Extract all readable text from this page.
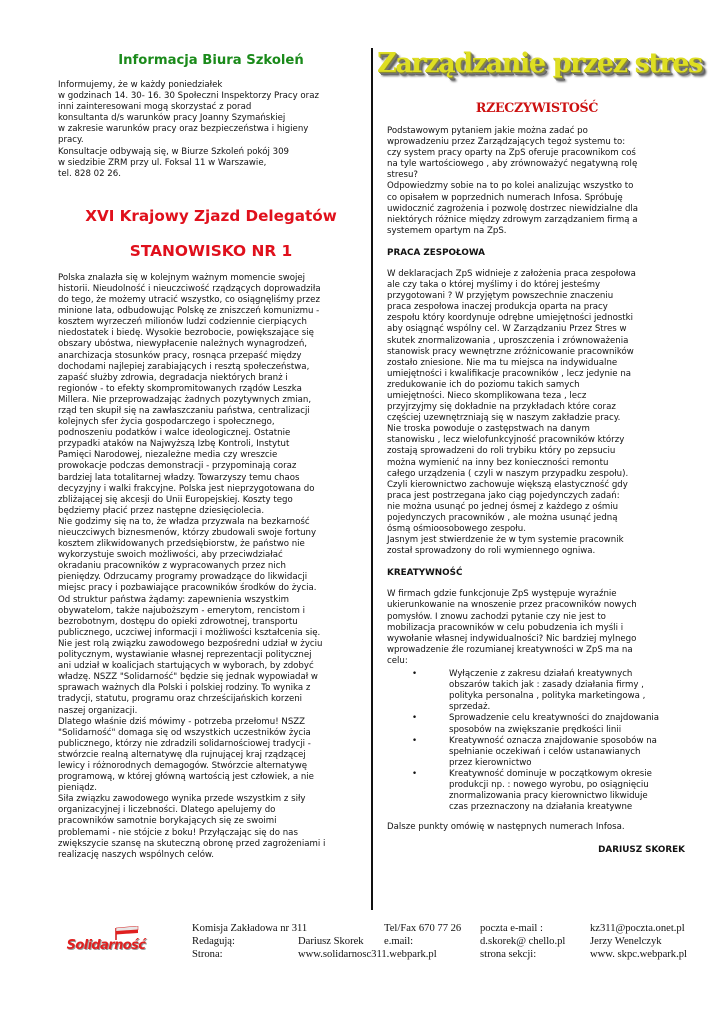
Informacja Biura Szkoleń
Informujemy, że w każdy poniedziałek
w godzinach 14. 30- 16. 30 Społeczni Inspektorzy Pracy oraz
inni zainteresowani mogą skorzystać z porad
konsultanta d/s warunków pracy Joanny Szymańskiej
w zakresie warunków pracy oraz bezpieczeństwa i higieny
pracy.
Konsultacje odbywają się, w Biurze Szkoleń pokój 309
w siedzibie ZRM przy ul. Foksal 11 w Warszawie,
tel. 828 02 26.
XVI Krajowy Zjazd Delegatów
STANOWISKO NR 1
Polska znalazła się w kolejnym ważnym momencie swojej
historii. Nieudolność i nieuczciwość rządzących doprowadziła
do tego, że możemy utracić wszystko, co osiągnęliśmy przez
minione lata, odbudowując Polskę ze zniszczeń komunizmu -
kosztem wyrzeczeń milionów ludzi codziennie cierpiących
niedostatek i biedę. Wysokie bezrobocie, powiększające się
obszary ubóstwa, niewypłacenie należnych wynagrodzeń,
anarchizacja stosunków pracy, rosnąca przepaść między
dochodami najlepiej zarabiających i resztą społeczeństwa,
zapaść służby zdrowia, degradacja niektórych branż i
regionów - to efekty skompromitowanych rządów Leszka
Millera. Nie przeprowadzając żadnych pozytywnych zmian,
rząd ten skupił się na zawłaszczaniu państwa, centralizacji
kolejnych sfer życia gospodarczego i społecznego,
podnoszeniu podatków i walce ideologicznej. Ostatnie
przypadki ataków na Najwyższą Izbę Kontroli, Instytut
Pamięci Narodowej, niezależne media czy wreszcie
prowokacje podczas demonstracji - przypominają coraz
bardziej lata totalitarnej władzy. Towarzyszy temu chaos
decyzyjny i walki frakcyjne. Polska jest nieprzygotowana do
zbliżającej się akcesji do Unii Europejskiej. Koszty tego
będziemy płacić przez następne dziesięciolecia.
Nie godzimy się na to, że władza przyzwala na bezkarność
nieuczciwych biznesmenów, którzy zbudowali swoje fortuny
kosztem zlikwidowanych przedsiębiorstw, że państwo nie
wykorzystuje swoich możliwości, aby przeciwdziałać
okradaniu pracowników z wypracowanych przez nich
pieniędzy. Odrzucamy programy prowadzące do likwidacji
miejsc pracy i pozbawiające pracowników środków do życia.
Od struktur państwa żądamy: zapewnienia wszystkim
obywatelom, także najuboższym - emerytom, rencistom i
bezrobotnym, dostępu do opieki zdrowotnej, transportu
publicznego, uczciwej informacji i możliwości kształcenia się.
Nie jest rolą związku zawodowego bezpośredni udział w życiu
politycznym, wystawianie własnej reprezentacji politycznej
ani udział w koalicjach startujących w wyborach, by zdobyć
władzę. NSZZ "Solidarność" będzie się jednak wypowiadał w
sprawach ważnych dla Polski i polskiej rodziny. To wynika z
tradycji, statutu, programu oraz chrześcijańskich korzeni
naszej organizacji.
Dlatego właśnie dziś mówimy - potrzeba przełomu! NSZZ
"Solidarność" domaga się od wszystkich uczestników życia
publicznego, którzy nie zdradzili solidarnościowej tradycji -
stwórzcie realną alternatywę dla rujnującej kraj rządzącej
lewicy i różnorodnych demagogów. Stwórzcie alternatywę
programową, w której główną wartością jest człowiek, a nie
pieniądz.
Siła związku zawodowego wynika przede wszystkim z siły
organizacyjnej i liczebności. Dlatego apelujemy do
pracowników samotnie borykających się ze swoimi
problemami - nie stójcie z boku! Przyłączając się do nas
zwiększycie szansę na skuteczną obronę przed zagrożeniami i
realizację naszych wspólnych celów.
Zarządzanie przez stres
RZECZYWISTOŚĆ
Podstawowym pytaniem jakie można zadać po
wprowadzeniu przez Zarządzających tegoż systemu to:
czy system pracy oparty na ZpS oferuje pracownikom coś
na tyle wartościowego , aby zrównoważyć negatywną rolę
stresu?
Odpowiedzmy sobie na to po kolei analizując wszystko to
co opisałem w poprzednich numerach Infosa. Spróbuję
uwidocznić zagrożenia i pozwolę dostrzec niewidzialne dla
niektórych różnice między zdrowym zarządzaniem firmą a
systemem opartym na ZpS.
PRACA ZESPOŁOWA
W deklaracjach ZpS widnieje z założenia praca zespołowa
ale czy taka o której myślimy i do której jesteśmy
przygotowani ? W przyjętym powszechnie znaczeniu
praca zespołowa inaczej produkcja oparta na pracy
zespołu który koordynuje odrębne umiejętności jednostki
aby osiągnąć wspólny cel. W Zarządzaniu Przez Stres w
skutek znormalizowania , uproszczenia i zrównoważenia
stanowisk pracy wewnętrzne zróżnicowanie pracowników
zostało zniesione. Nie ma tu miejsca na indywidualne
umiejętności i kwalifikacje pracowników , lecz jedynie na
zredukowanie ich do poziomu takich samych
umiejętności. Nieco skomplikowana teza , lecz
przyjrzyjmy się dokładnie na przykładach które coraz
częściej uzewnętrzniają się w naszym zakładzie pracy.
Nie troska powoduje o zastępstwach na danym
stanowisku , lecz wielofunkcyjność pracowników którzy
zostają sprowadzeni do roli trybiku który po zepsuciu
można wymienić na inny bez konieczności remontu
całego urządzenia ( czyli w naszym przypadku zespołu).
Czyli kierownictwo zachowuje większą elastyczność gdy
praca jest postrzegana jako ciąg pojedynczych zadań:
nie można usunąć po jednej ósmej z każdego z ośmiu
pojedynczych pracowników , ale można usunąć jedną
ósmą ośmioosobowego zespołu.
Jasnym jest stwierdzenie że w tym systemie pracownik
został sprowadzony do roli wymiennego ogniwa.
KREATYWNOŚĆ
W firmach gdzie funkcjonuje ZpS występuje wyraźnie
ukierunkowanie na wnoszenie przez pracowników nowych
pomysłów. I znowu zachodzi pytanie czy nie jest to
mobilizacja pracowników w celu pobudzenia ich myśli i
wywołanie własnej indywidualności? Nic bardziej mylnego
wprowadzenie źle rozumianej kreatywności w ZpS ma na
celu:
•	Wyłączenie z zakresu działań kreatywnych
obszarów takich jak : zasady działania firmy ,
polityka personalna , polityka marketingowa ,
sprzedaż.
•	Sprowadzenie celu kreatywności do znajdowania
sposobów na zwiększanie prędkości linii
•	Kreatywność oznacza znajdowanie sposobów na
spełnianie oczekiwań i celów ustanawianych
przez kierownictwo
•	Kreatywność dominuje w początkowym okresie
produkcji np. : nowego wyrobu, po osiągnięciu
znormalizowania pracy kierownictwo likwiduje
czas przeznaczony na działania kreatywne
Dalsze punkty omówię w następnych numerach Infosa.
DARIUSZ SKOREK
Solidarność
Komisja Zakładowa nr 311	Tel/Fax 670 77 26	poczta e-mail :	kz311@poczta.onet.pl
Redagują:	Dariusz Skorek	e.mail:	d.skorek@ chello.pl	Jerzy Wenelczyk
Strona:	www.solidarnosc311.webpark.pl	strona sekcji:	www. skpc.webpark.pl
